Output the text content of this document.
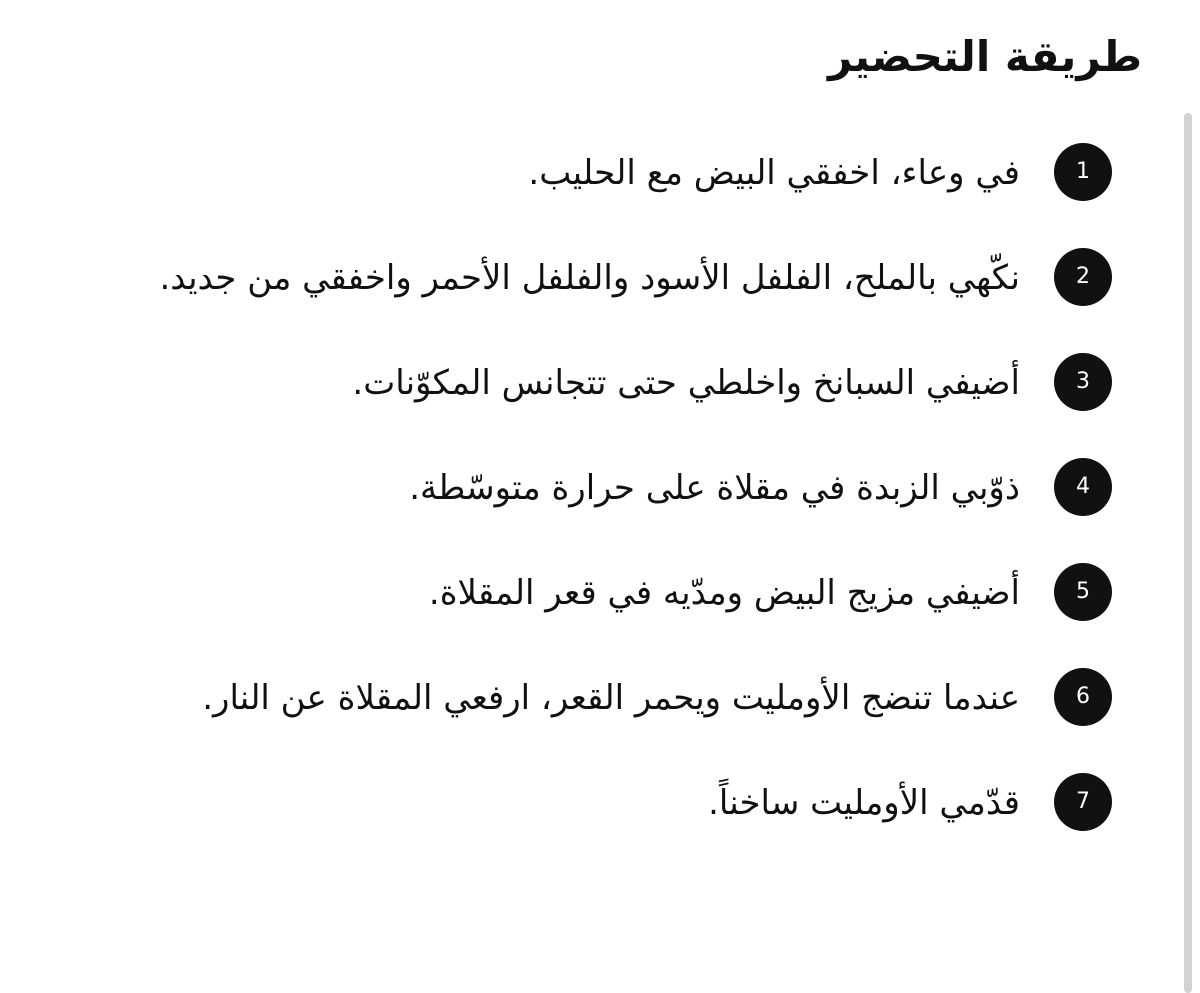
طريقة التحضير
1

في وعاء، اخفقي البيض مع الحليب.

2

نكّهي بالملح، الفلفل الأسود والفلفل الأحمر واخفقي من جديد.

3

أضيفي السبانخ واخلطي حتى تتجانس المكوّنات.

4

ذوّبي الزبدة في مقلاة على حرارة متوسّطة.

5

أضيفي مزيج البيض ومدّيه في قعر المقلاة.

6

عندما تنضج الأومليت ويحمر القعر، ارفعي المقلاة عن النار.

7

قدّمي الأومليت ساخناً.
